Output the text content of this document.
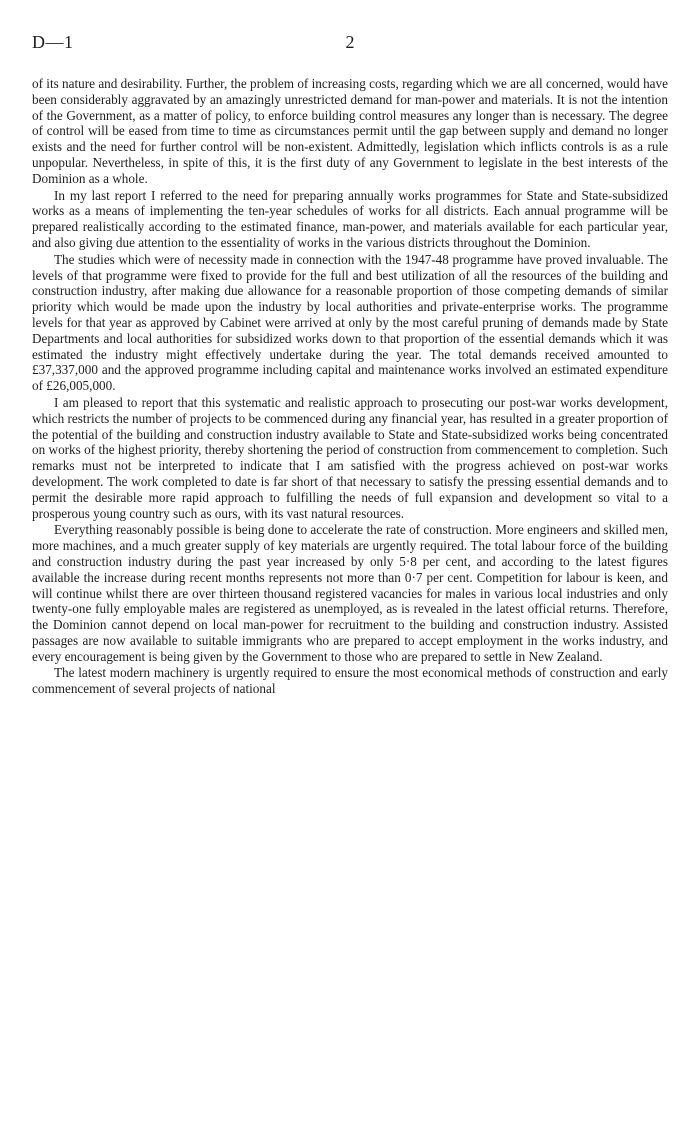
D—1	2

of its nature and desirability. Further, the problem of increasing costs, regarding which we are all concerned, would have been considerably aggravated by an amazingly unrestricted demand for man-power and materials. It is not the intention of the Government, as a matter of policy, to enforce building control measures any longer than is necessary. The degree of control will be eased from time to time as circumstances permit until the gap between supply and demand no longer exists and the need for further control will be non-existent. Admittedly, legislation which inflicts controls is as a rule unpopular. Nevertheless, in spite of this, it is the first duty of any Government to legislate in the best interests of the Dominion as a whole.

In my last report I referred to the need for preparing annually works programmes for State and State-subsidized works as a means of implementing the ten-year schedules of works for all districts. Each annual programme will be prepared realistically according to the estimated finance, man-power, and materials available for each particular year, and also giving due attention to the essentiality of works in the various districts throughout the Dominion.

The studies which were of necessity made in connection with the 1947-48 programme have proved invaluable. The levels of that programme were fixed to provide for the full and best utilization of all the resources of the building and construction industry, after making due allowance for a reasonable proportion of those competing demands of similar priority which would be made upon the industry by local authorities and private-enterprise works. The programme levels for that year as approved by Cabinet were arrived at only by the most careful pruning of demands made by State Departments and local authorities for subsidized works down to that proportion of the essential demands which it was estimated the industry might effectively undertake during the year. The total demands received amounted to £37,337,000 and the approved programme including capital and maintenance works involved an estimated expenditure of £26,005,000.

I am pleased to report that this systematic and realistic approach to prosecuting our post-war works development, which restricts the number of projects to be commenced during any financial year, has resulted in a greater proportion of the potential of the building and construction industry available to State and State-subsidized works being concentrated on works of the highest priority, thereby shortening the period of construction from commencement to completion. Such remarks must not be interpreted to indicate that I am satisfied with the progress achieved on post-war works development. The work completed to date is far short of that necessary to satisfy the pressing essential demands and to permit the desirable more rapid approach to fulfilling the needs of full expansion and development so vital to a prosperous young country such as ours, with its vast natural resources.

Everything reasonably possible is being done to accelerate the rate of construction. More engineers and skilled men, more machines, and a much greater supply of key materials are urgently required. The total labour force of the building and construction industry during the past year increased by only 5·8 per cent, and according to the latest figures available the increase during recent months represents not more than 0·7 per cent. Competition for labour is keen, and will continue whilst there are over thirteen thousand registered vacancies for males in various local industries and only twenty-one fully employable males are registered as unemployed, as is revealed in the latest official returns. Therefore, the Dominion cannot depend on local man-power for recruitment to the building and construction industry. Assisted passages are now available to suitable immigrants who are prepared to accept employment in the works industry, and every encouragement is being given by the Government to those who are prepared to settle in New Zealand.

The latest modern machinery is urgently required to ensure the most economical methods of construction and early commencement of several projects of national
